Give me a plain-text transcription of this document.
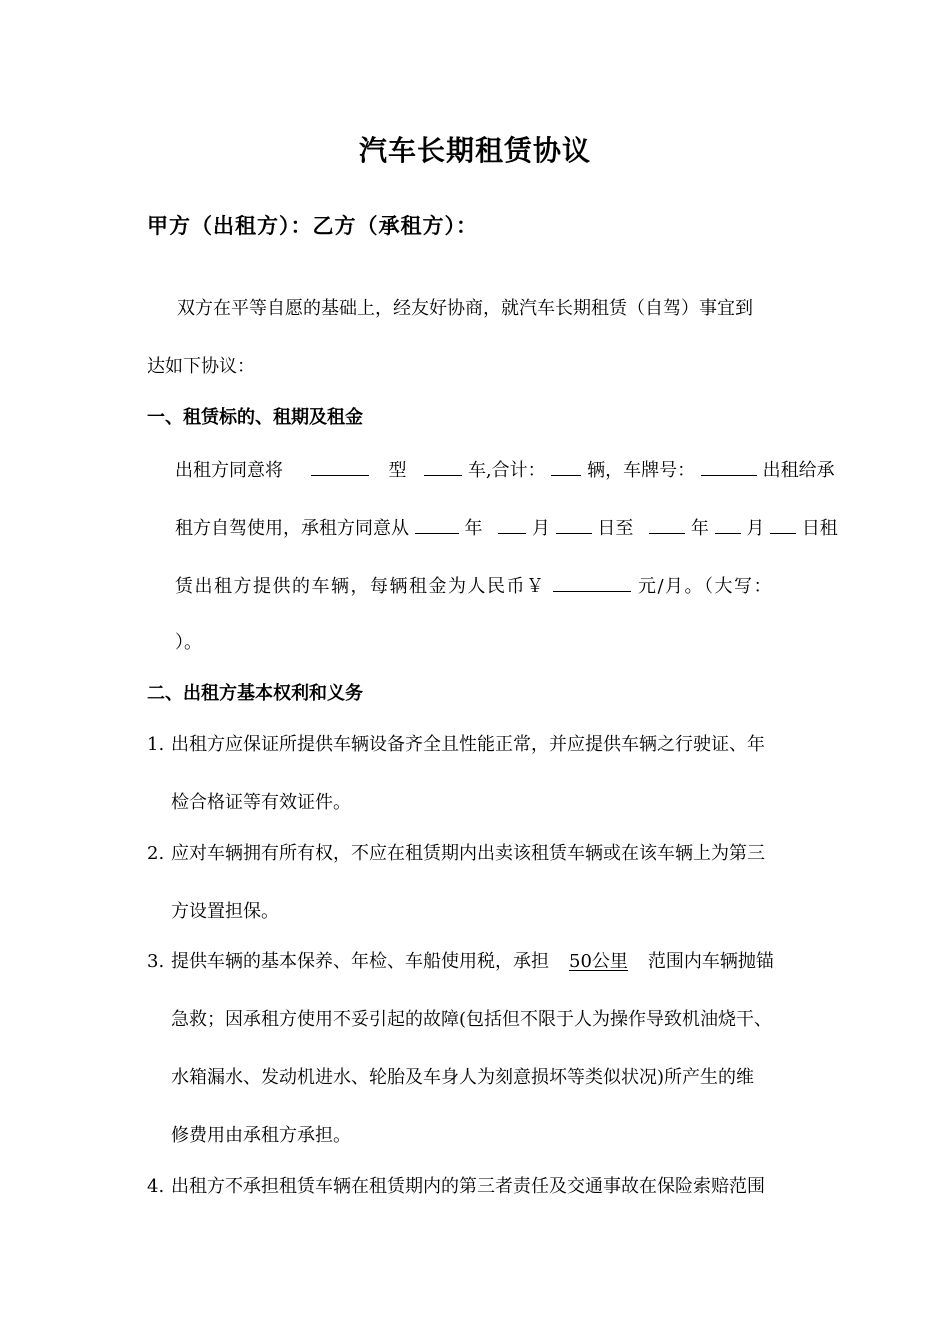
汽车长期租赁协议
甲方（出租方）：乙方（承租方）：
双方在平等自愿的基础上，经友好协商，就汽车长期租赁（自驾）事宜到
达如下协议：
一、租赁标的、租期及租金
出租方同意将	型	车,合计： 辆，车牌号：	出租给承
租方自驾使用，承租方同意从	年	月	日至	年 月 日租
赁出租方提供的车辆，每辆租金为人民币￥	元/月。（大写：
）。
二、出租方基本权利和义务
1. 出租方应保证所提供车辆设备齐全且性能正常，并应提供车辆之行驶证、年
检合格证等有效证件。
2. 应对车辆拥有所有权，不应在租赁期内出卖该租赁车辆或在该车辆上为第三
方设置担保。
3. 提供车辆的基本保养、年检、车船使用税，承担 50公里 范围内车辆抛锚
急救；因承租方使用不妥引起的故障(包括但不限于人为操作导致机油烧干、
水箱漏水、发动机进水、轮胎及车身人为刻意损坏等类似状况)所产生的维
修费用由承租方承担。
4. 出租方不承担租赁车辆在租赁期内的第三者责任及交通事故在保险索赔范围
